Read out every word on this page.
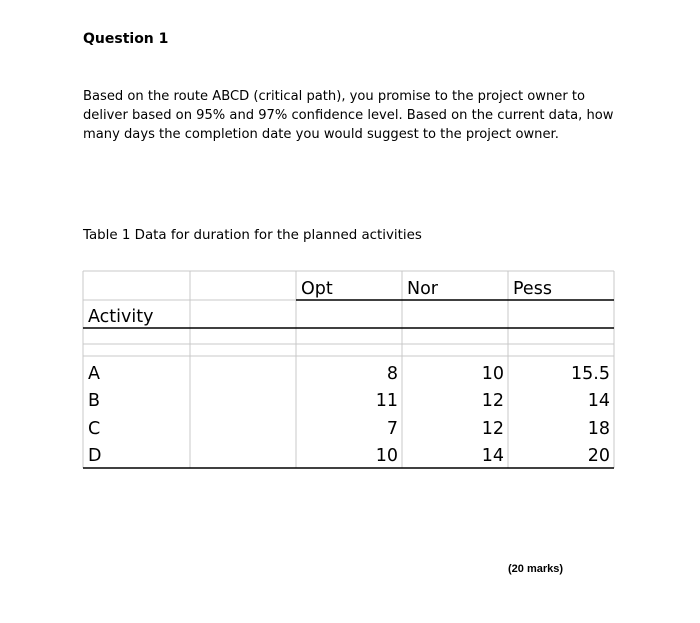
Question 1
Based on the route ABCD (critical path), you promise to the project owner to deliver based on 95% and 97% confidence level. Based on the current data, how many days the completion date you would suggest to the project owner.
Table 1 Data for duration for the planned activities
Opt	Nor	Pess
Activity
A	8	10	15.5
B	11	12	14
C	7	12	18
D	10	14	20
(20 marks)
